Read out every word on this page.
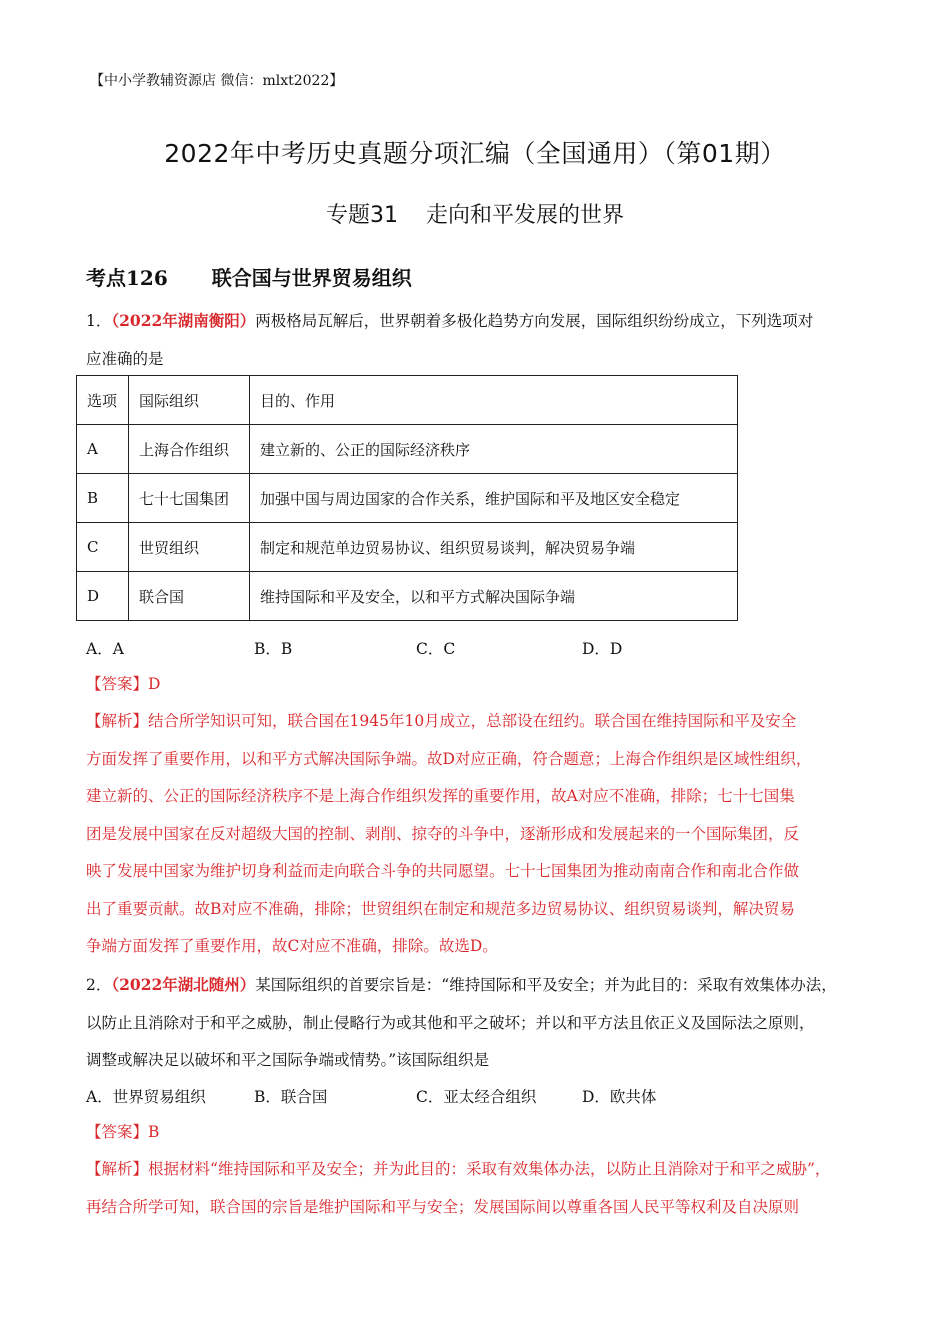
【中小学教辅资源店 微信：mlxt2022】
2022年中考历史真题分项汇编（全国通用）（第01期）
专题31 走向和平发展的世界
考点126 联合国与世界贸易组织
1．（2022年湖南衡阳）两极格局瓦解后，世界朝着多极化趋势方向发展，国际组织纷纷成立，下列选项对
应准确的是
选项	国际组织	目的、作用
A	上海合作组织	建立新的、公正的国际经济秩序
B	七十七国集团	加强中国与周边国家的合作关系，维护国际和平及地区安全稳定
C	世贸组织	制定和规范单边贸易协议、组织贸易谈判，解决贸易争端
D	联合国	维持国际和平及安全，以和平方式解决国际争端
A．A	B．B	C．C	D．D
【答案】D
【解析】结合所学知识可知，联合国在1945年10月成立，总部设在纽约。联合国在维持国际和平及安全
方面发挥了重要作用，以和平方式解决国际争端。故D对应正确，符合题意；上海合作组织是区域性组织，
建立新的、公正的国际经济秩序不是上海合作组织发挥的重要作用，故A对应不准确，排除；七十七国集
团是发展中国家在反对超级大国的控制、剥削、掠夺的斗争中，逐渐形成和发展起来的一个国际集团，反
映了发展中国家为维护切身利益而走向联合斗争的共同愿望。七十七国集团为推动南南合作和南北合作做
出了重要贡献。故B对应不准确，排除；世贸组织在制定和规范多边贸易协议、组织贸易谈判，解决贸易
争端方面发挥了重要作用，故C对应不准确，排除。故选D。
2．（2022年湖北随州）某国际组织的首要宗旨是：“维持国际和平及安全；并为此目的：采取有效集体办法，
以防止且消除对于和平之威胁，制止侵略行为或其他和平之破坏；并以和平方法且依正义及国际法之原则，
调整或解决足以破坏和平之国际争端或情势。”该国际组织是
A．世界贸易组织	B．联合国	C．亚太经合组织	D．欧共体
【答案】B
【解析】根据材料“维持国际和平及安全；并为此目的：采取有效集体办法，以防止且消除对于和平之威胁”，
再结合所学可知，联合国的宗旨是维护国际和平与安全；发展国际间以尊重各国人民平等权利及自决原则
